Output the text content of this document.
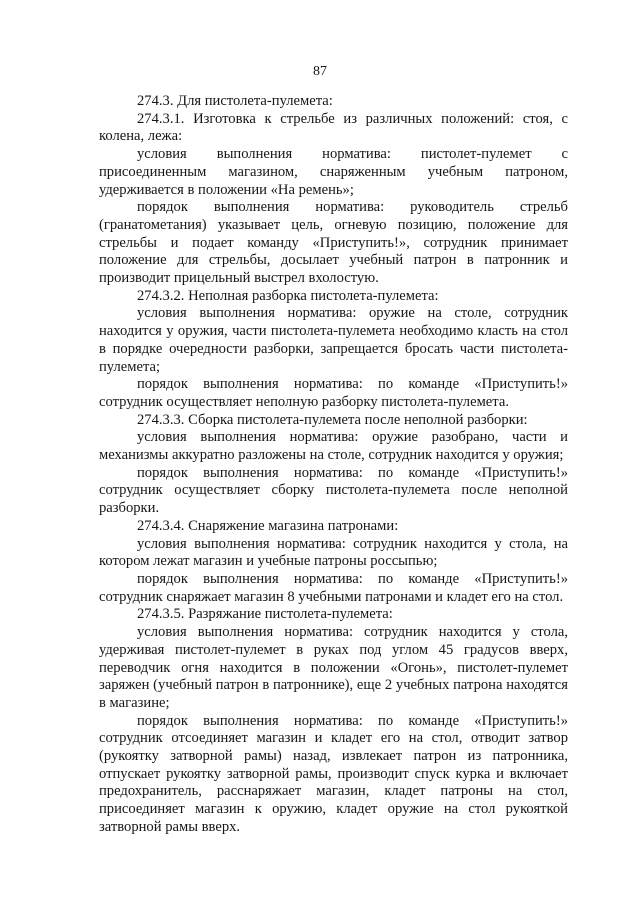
87

274.3. Для пистолета-пулемета:

274.3.1. Изготовка к стрельбе из различных положений: стоя, с колена, лежа:

условия выполнения норматива: пистолет-пулемет с присоединенным магазином, снаряженным учебным патроном, удерживается в положении «На ремень»;

порядок выполнения норматива: руководитель стрельб (гранатометания) указывает цель, огневую позицию, положение для стрельбы и подает команду «Приступить!», сотрудник принимает положение для стрельбы, досылает учебный патрон в патронник и производит прицельный выстрел вхолостую.

274.3.2. Неполная разборка пистолета-пулемета:

условия выполнения норматива: оружие на столе, сотрудник находится у оружия, части пистолета-пулемета необходимо класть на стол в порядке очередности разборки, запрещается бросать части пистолета-пулемета;

порядок выполнения норматива: по команде «Приступить!» сотрудник осуществляет неполную разборку пистолета-пулемета.

274.3.3. Сборка пистолета-пулемета после неполной разборки:

условия выполнения норматива: оружие разобрано, части и механизмы аккуратно разложены на столе, сотрудник находится у оружия;

порядок выполнения норматива: по команде «Приступить!» сотрудник осуществляет сборку пистолета-пулемета после неполной разборки.

274.3.4. Снаряжение магазина патронами:

условия выполнения норматива: сотрудник находится у стола, на котором лежат магазин и учебные патроны россыпью;

порядок выполнения норматива: по команде «Приступить!» сотрудник снаряжает магазин 8 учебными патронами и кладет его на стол.

274.3.5. Разряжание пистолета-пулемета:

условия выполнения норматива: сотрудник находится у стола, удерживая пистолет-пулемет в руках под углом 45 градусов вверх, переводчик огня находится в положении «Огонь», пистолет-пулемет заряжен (учебный патрон в патроннике), еще 2 учебных патрона находятся в магазине;

порядок выполнения норматива: по команде «Приступить!» сотрудник отсоединяет магазин и кладет его на стол, отводит затвор (рукоятку затворной рамы) назад, извлекает патрон из патронника, отпускает рукоятку затворной рамы, производит спуск курка и включает предохранитель, расснаряжает магазин, кладет патроны на стол, присоединяет магазин к оружию, кладет оружие на стол рукояткой затворной рамы вверх.
